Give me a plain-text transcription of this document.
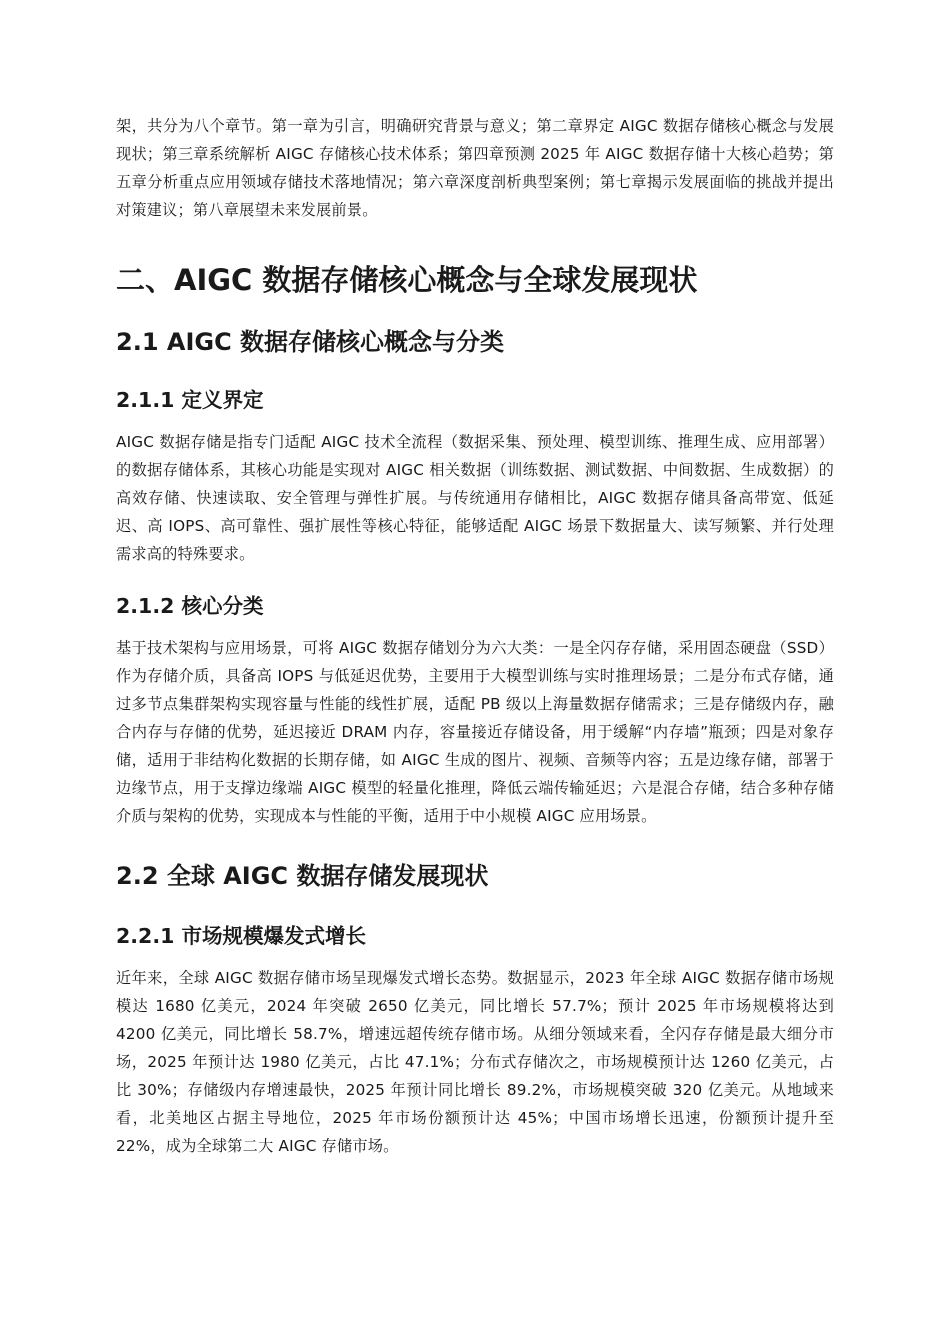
架，共分为八个章节。第一章为引言，明确研究背景与意义；第二章界定 AIGC 数据存储核心概念与发展现状；第三章系统解析 AIGC 存储核心技术体系；第四章预测 2025 年 AIGC 数据存储十大核心趋势；第五章分析重点应用领域存储技术落地情况；第六章深度剖析典型案例；第七章揭示发展面临的挑战并提出对策建议；第八章展望未来发展前景。

二、AIGC 数据存储核心概念与全球发展现状
2.1 AIGC 数据存储核心概念与分类
2.1.1 定义界定

AIGC 数据存储是指专门适配 AIGC 技术全流程（数据采集、预处理、模型训练、推理生成、应用部署）的数据存储体系，其核心功能是实现对 AIGC 相关数据（训练数据、测试数据、中间数据、生成数据）的高效存储、快速读取、安全管理与弹性扩展。与传统通用存储相比，AIGC 数据存储具备高带宽、低延迟、高 IOPS、高可靠性、强扩展性等核心特征，能够适配 AIGC 场景下数据量大、读写频繁、并行处理需求高的特殊要求。

2.1.2 核心分类

基于技术架构与应用场景，可将 AIGC 数据存储划分为六大类：一是全闪存存储，采用固态硬盘（SSD）作为存储介质，具备高 IOPS 与低延迟优势，主要用于大模型训练与实时推理场景；二是分布式存储，通过多节点集群架构实现容量与性能的线性扩展，适配 PB 级以上海量数据存储需求；三是存储级内存，融合内存与存储的优势，延迟接近 DRAM 内存，容量接近存储设备，用于缓解“内存墙”瓶颈；四是对象存储，适用于非结构化数据的长期存储，如 AIGC 生成的图片、视频、音频等内容；五是边缘存储，部署于边缘节点，用于支撑边缘端 AIGC 模型的轻量化推理，降低云端传输延迟；六是混合存储，结合多种存储介质与架构的优势，实现成本与性能的平衡，适用于中小规模 AIGC 应用场景。

2.2 全球 AIGC 数据存储发展现状
2.2.1 市场规模爆发式增长

近年来，全球 AIGC 数据存储市场呈现爆发式增长态势。数据显示，2023 年全球 AIGC 数据存储市场规模达 1680 亿美元，2024 年突破 2650 亿美元，同比增长 57.7%；预计 2025 年市场规模将达到 4200 亿美元，同比增长 58.7%，增速远超传统存储市场。从细分领域来看，全闪存存储是最大细分市场，2025 年预计达 1980 亿美元，占比 47.1%；分布式存储次之，市场规模预计达 1260 亿美元，占比 30%；存储级内存增速最快，2025 年预计同比增长 89.2%，市场规模突破 320 亿美元。从地域来看，北美地区占据主导地位，2025 年市场份额预计达 45%；中国市场增长迅速，份额预计提升至 22%，成为全球第二大 AIGC 存储市场。
